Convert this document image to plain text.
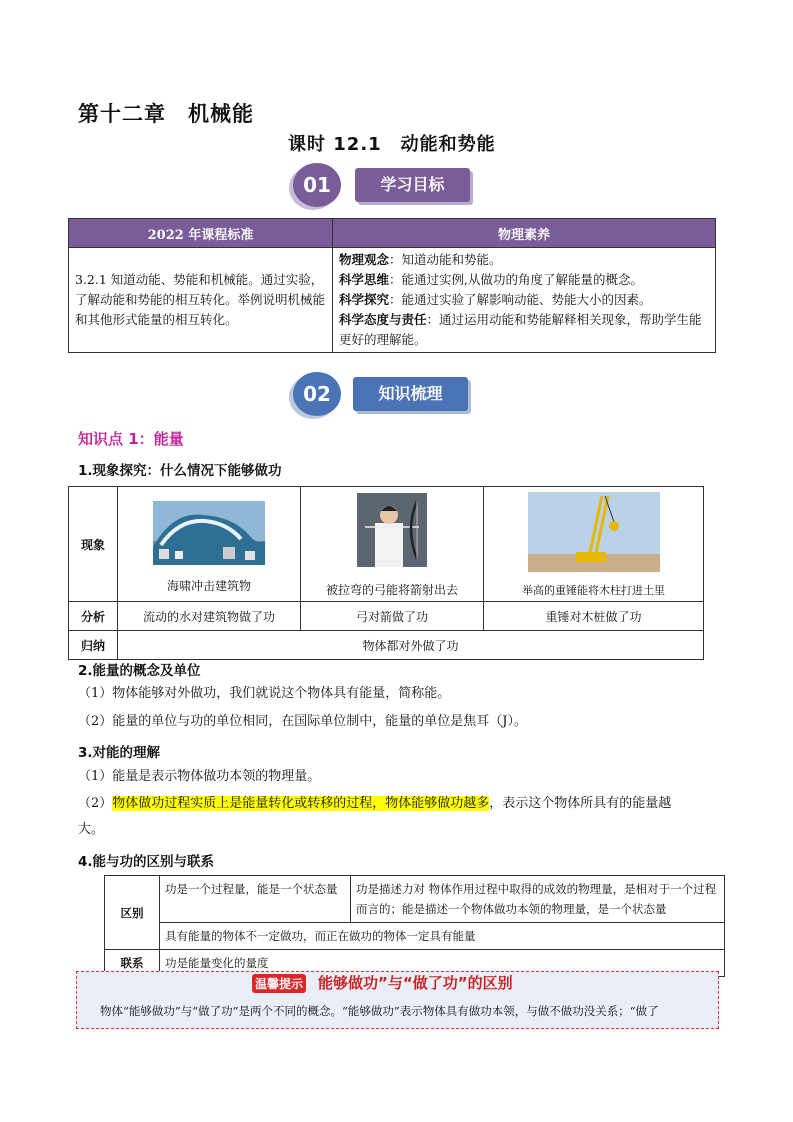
第十二章　机械能
课时 12.1　动能和势能
学习目标
01
2022 年课程标准	物理素养
3.2.1 知道动能、势能和机械能。通过实验，了解动能和势能的相互转化。举例说明机械能和其他形式能量的相互转化。	物理观念：知道动能和势能。
科学思维：能通过实例,从做功的角度了解能量的概念。
科学探究：能通过实验了解影响动能、势能大小的因素。
科学态度与责任：通过运用动能和势能解释相关现象，帮助学生能更好的理解能。
知识梳理
02
知识点 1：能量
1.现象探究：什么情况下能够做功
现象	海啸冲击建筑物	被拉弯的弓能将箭射出去	举高的重锤能将木柱打进土里

分析	流动的水对建筑物做了功	弓对箭做了功	重锤对木桩做了功
归纳	物体都对外做了功		
2.能量的概念及单位
（1）物体能够对外做功，我们就说这个物体具有能量，简称能。
（2）能量的单位与功的单位相同，在国际单位制中，能量的单位是焦耳（J）。
3.对能的理解
（1）能量是表示物体做功本领的物理量。
（2）物体做功过程实质上是能量转化或转移的过程，物体能够做功越多，表示这个物体所具有的能量越
大。
4.能与功的区别与联系
区别	功是一个过程量，能是一个状态量	功是描述力对 物体作用过程中取得的成效的物理量，是相对于一个过程而言的；能是描述一个物体做功本领的物理量，是一个状态量
	具有能量的物体不一定做功，而正在做功的物体一定具有能量	
联系	功是能量变化的量度	
温馨提示 能够做功”与“做了功”的区别
物体“能够做功”与“做了功”是两个不同的概念。“能够做功”表示物体具有做功本领，与做不做功没关系；“做了
